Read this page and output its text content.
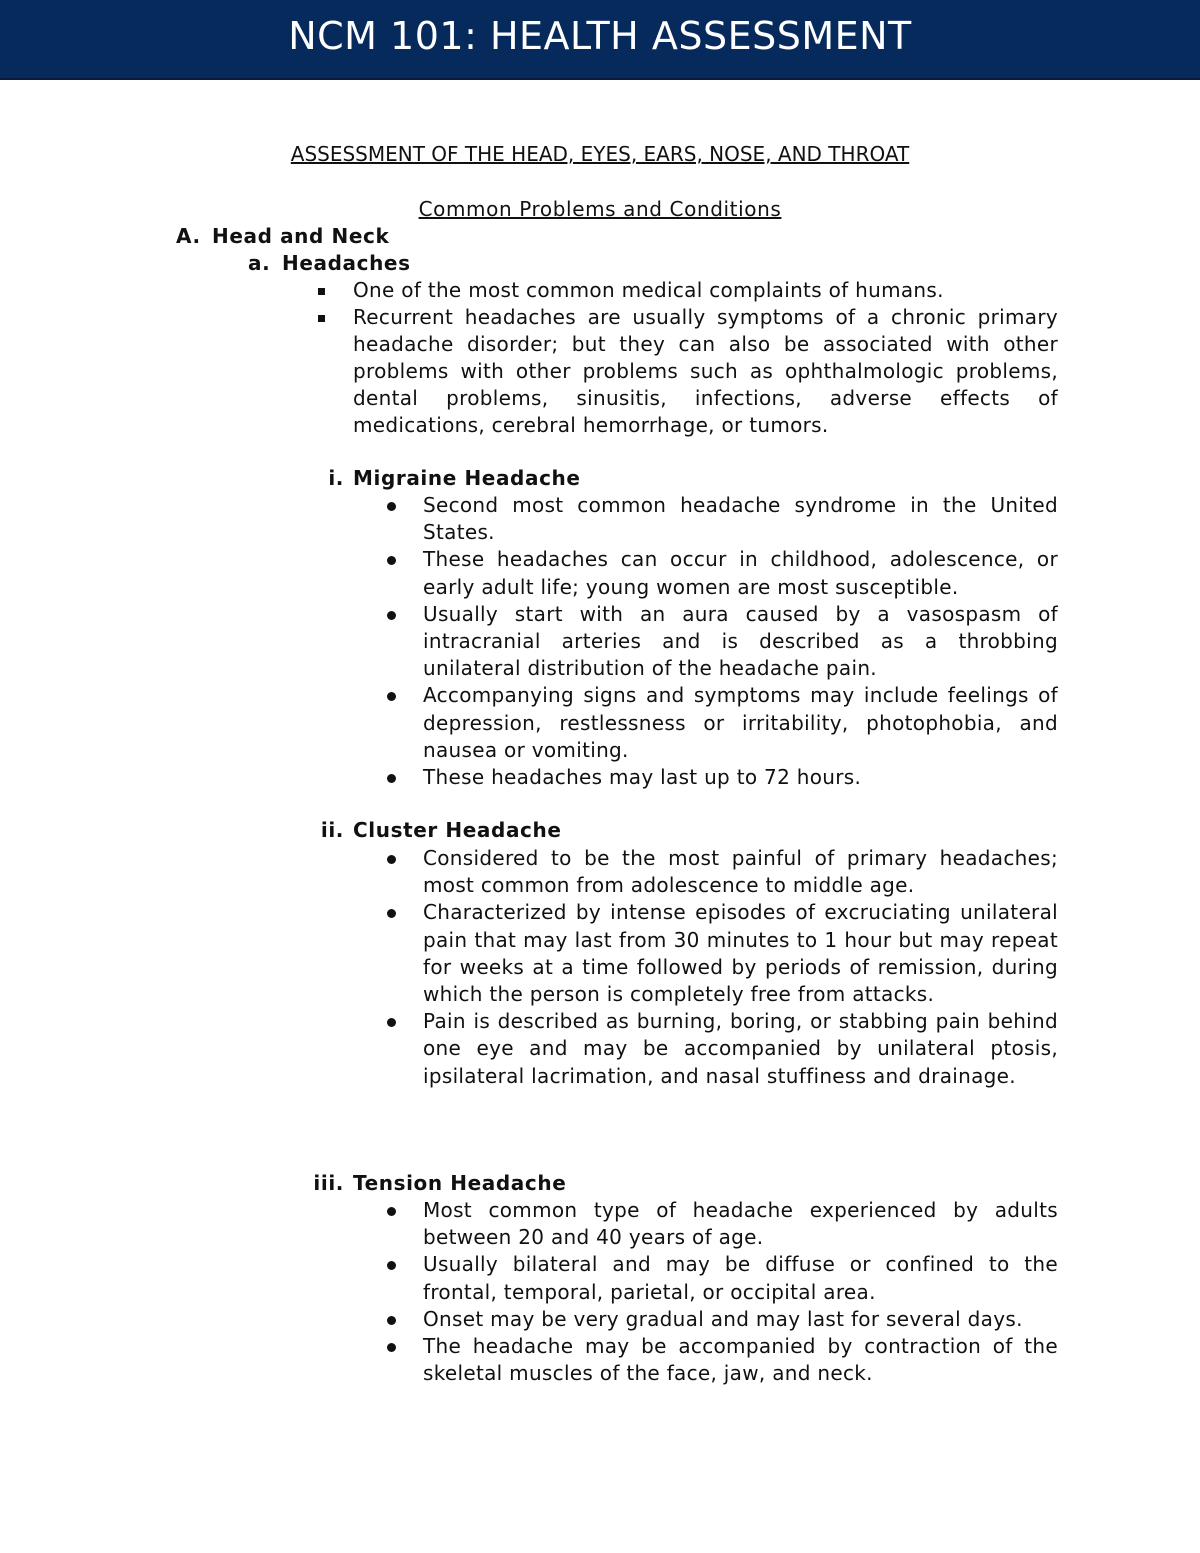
NCM 101: HEALTH ASSESSMENT
ASSESSMENT OF THE HEAD, EYES, EARS, NOSE, AND THROAT
Common Problems and Conditions
A. Head and Neck
a. Headaches
One of the most common medical complaints of humans.
Recurrent headaches are usually symptoms of a chronic primary headache disorder; but they can also be associated with other problems with other problems such as ophthalmologic problems, dental problems, sinusitis, infections, adverse effects of medications, cerebral hemorrhage, or tumors.
i. Migraine Headache
Second most common headache syndrome in the United States.
These headaches can occur in childhood, adolescence, or early adult life; young women are most susceptible.
Usually start with an aura caused by a vasospasm of intracranial arteries and is described as a throbbing unilateral distribution of the headache pain.
Accompanying signs and symptoms may include feelings of depression, restlessness or irritability, photophobia, and nausea or vomiting.
These headaches may last up to 72 hours.
ii. Cluster Headache
Considered to be the most painful of primary headaches; most common from adolescence to middle age.
Characterized by intense episodes of excruciating unilateral pain that may last from 30 minutes to 1 hour but may repeat for weeks at a time followed by periods of remission, during which the person is completely free from attacks.
Pain is described as burning, boring, or stabbing pain behind one eye and may be accompanied by unilateral ptosis, ipsilateral lacrimation, and nasal stuffiness and drainage.
iii. Tension Headache
Most common type of headache experienced by adults between 20 and 40 years of age.
Usually bilateral and may be diffuse or confined to the frontal, temporal, parietal, or occipital area.
Onset may be very gradual and may last for several days.
The headache may be accompanied by contraction of the skeletal muscles of the face, jaw, and neck.
